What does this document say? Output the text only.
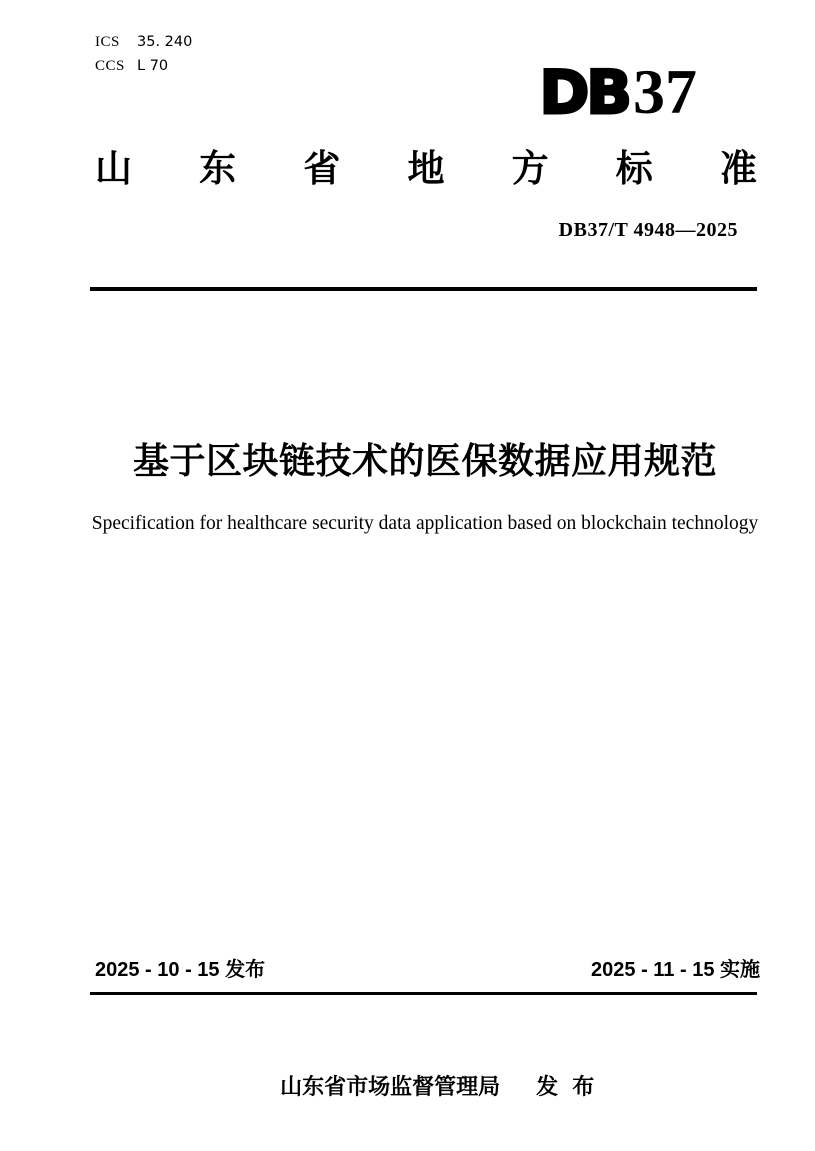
ICS	35. 240
CCS L 70	DB37
山 东 省 地 方 标 准
DB37/T 4948—2025
基于区块链技术的医保数据应用规范
Specification for healthcare security data application based on blockchain technology
2025 - 10 - 15 发布	2025 - 11 - 15 实施

山东省市场监督管理局 发 布
